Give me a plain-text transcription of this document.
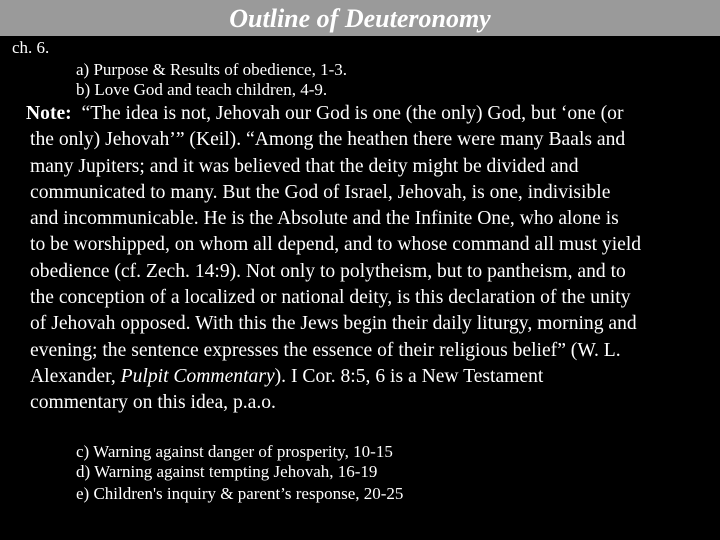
Outline of Deuteronomy
ch. 6.
a) Purpose & Results of obedience, 1-3.
b) Love God and teach children, 4-9.
Note: “The idea is not, Jehovah our God is one (the only) God, but ‘one (or
the only) Jehovah’” (Keil). “Among the heathen there were many Baals and
many Jupiters; and it was believed that the deity might be divided and
communicated to many. But the God of Israel, Jehovah, is one, indivisible
and incommunicable. He is the Absolute and the Infinite One, who alone is
to be worshipped, on whom all depend, and to whose command all must yield
obedience (cf. Zech. 14:9). Not only to polytheism, but to pantheism, and to
the conception of a localized or national deity, is this declaration of the unity
of Jehovah opposed. With this the Jews begin their daily liturgy, morning and
evening; the sentence expresses the essence of their religious belief” (W. L.
Alexander, Pulpit Commentary). I Cor. 8:5, 6 is a New Testament
commentary on this idea, p.a.o.
c) Warning against danger of prosperity, 10-15
d) Warning against tempting Jehovah, 16-19
e) Children's inquiry & parent’s response, 20-25
